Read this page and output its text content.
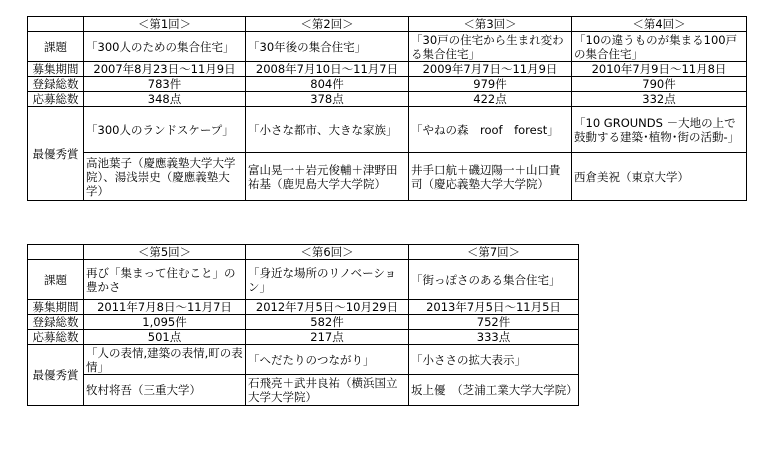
	＜第1回＞	＜第2回＞	＜第3回＞	＜第4回＞
課題	「300人のための集合住宅」	「30年後の集合住宅」	「30戸の住宅から生まれ変わる集合住宅」	「10の違うものが集まる100戸の集合住宅」
募集期間	2007年8月23日～11月9日	2008年7月10日～11月7日	2009年7月7日～11月9日	2010年7月9日～11月8日
登録総数	783件	804件	979件	790件
応募総数	348点	378点	422点	332点
最優秀賞	「300人のランドスケープ」	「小さな都市、大きな家族」	「やねの森　roof　forest」	「10 GROUNDS －大地の上で鼓動する建築･植物･街の活動-」
	高池葉子（慶應義塾大学大学院）、湯浅崇史（慶應義塾大学）	富山晃一＋岩元俊輔＋津野田祐基（鹿児島大学大学院）	井手口航＋磯辺陽一＋山口貴司（慶応義塾大学大学院）	西倉美祝（東京大学）
	＜第5回＞	＜第6回＞	＜第7回＞
課題	再び「集まって住むこと」の豊かさ	「身近な場所のリノベーション」	「街っぽさのある集合住宅」
募集期間	2011年7月8日～11月7日	2012年7月5日～10月29日	2013年7月5日～11月5日
登録総数	1,095件	582件	752件
応募総数	501点	217点	333点
最優秀賞	「人の表情,建築の表情,町の表情」	「へだたりのつながり」	「小ささの拡大表示」
	牧村将吾（三重大学）	石飛亮＋武井良祐（横浜国立大学大学院）	坂上優　（芝浦工業大学大学院）
